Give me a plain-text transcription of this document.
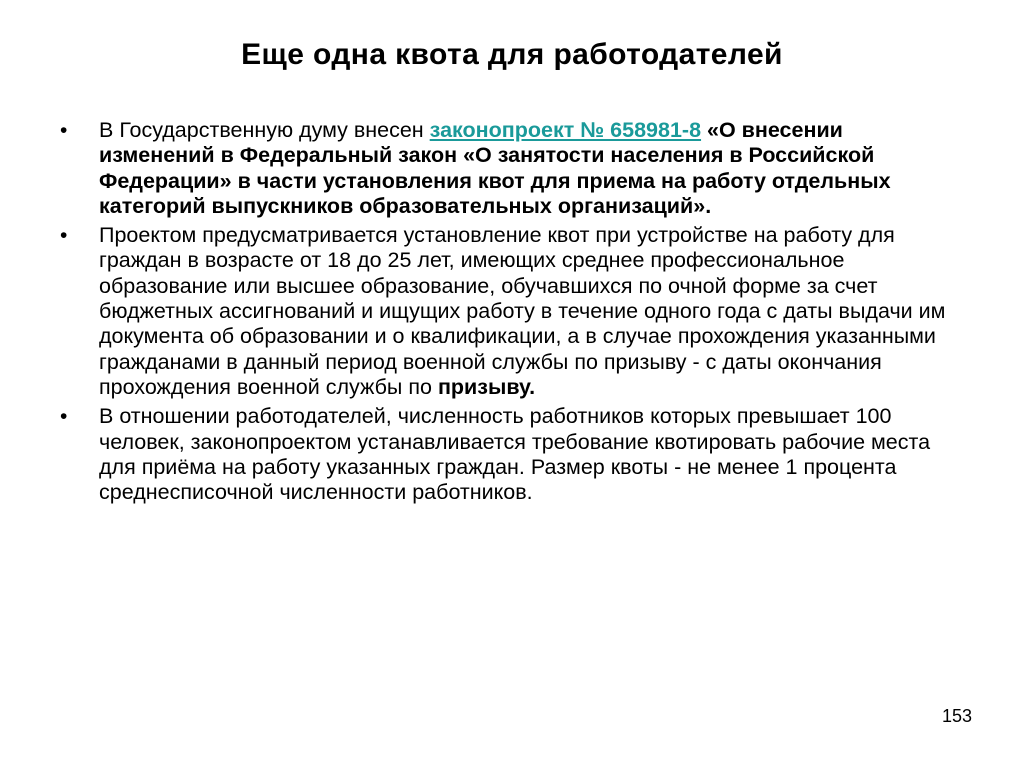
Еще одна квота для работодателей
• В Государственную думу внесен законопроект № 658981-8 «О внесении изменений в Федеральный закон «О занятости населения в Российской Федерации» в части установления квот для приема на работу отдельных категорий выпускников образовательных организаций».
• Проектом предусматривается установление квот при устройстве на работу для граждан в возрасте от 18 до 25 лет, имеющих среднее профессиональное образование или высшее образование, обучавшихся по очной форме за счет бюджетных ассигнований и ищущих работу в течение одного года с даты выдачи им документа об образовании и о квалификации, а в случае прохождения указанными гражданами в данный период военной службы по призыву - с даты окончания прохождения военной службы по призыву.
• В отношении работодателей, численность работников которых превышает 100 человек, законопроектом устанавливается требование квотировать рабочие места для приёма на работу указанных граждан. Размер квоты - не менее 1 процента среднесписочной численности работников.
153
